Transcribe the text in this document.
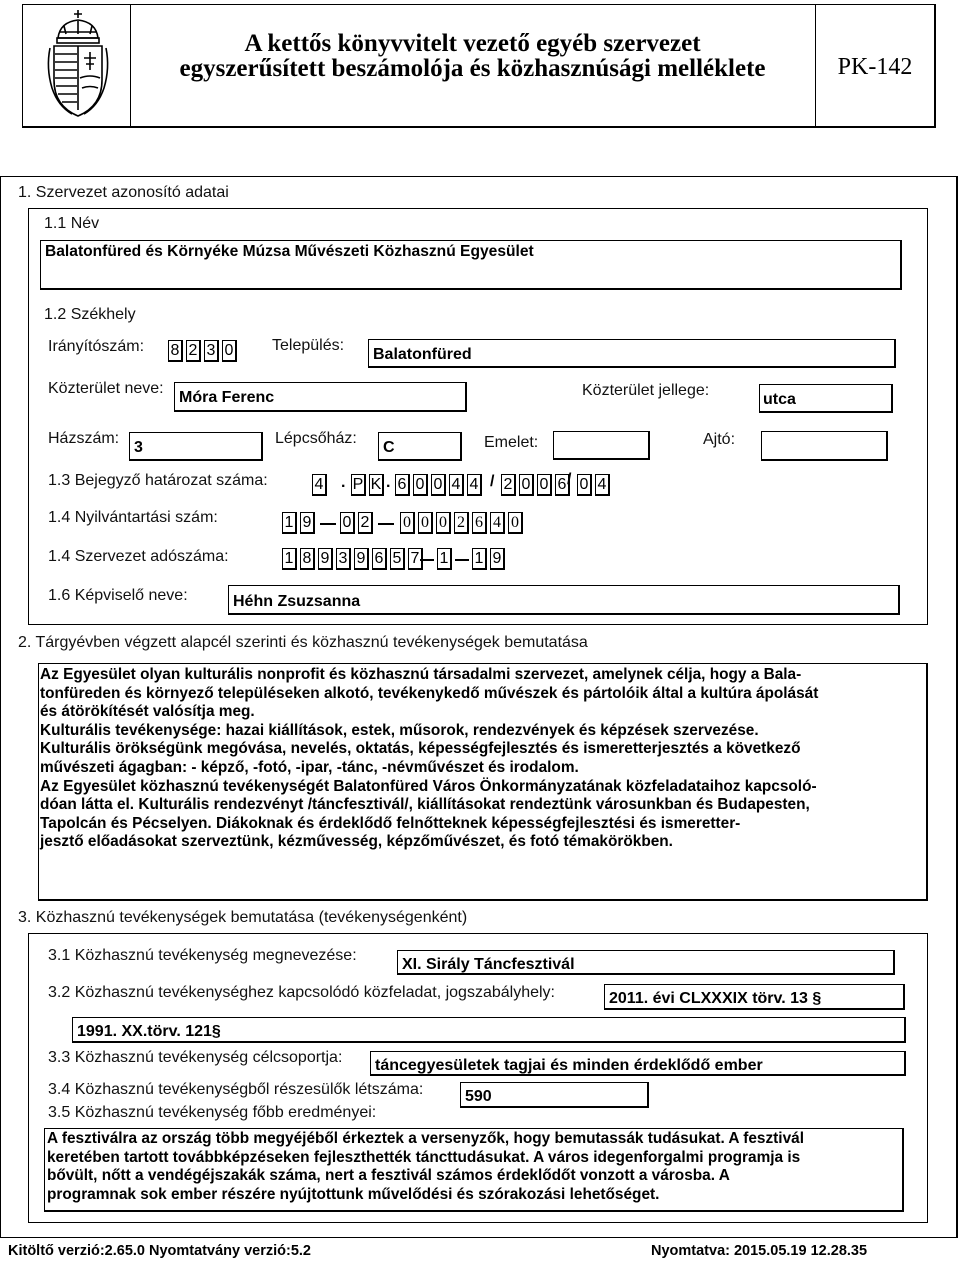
A kettős könyvvitelt vezető egyéb szervezet
egyszerűsített beszámolója és közhasznúsági melléklete	PK-142
1. Szervezet azonosító adatai
1.1 Név
Balatonfüred és Környéke Múzsa Művészeti Közhasznú Egyesület
1.2 Székhely
Irányítószám: 8 2 3 0 Település:
Balatonfüred
Közterület neve:
Móra Ferenc	Közterület jellege:
utca
Házszám:
3
Lépcsőház:
C	Emelet:	Ajtó:
1.3 Bejegyző határozat száma:	4 . P K . 6 0 0 4 4 / 2 0 0 6 / 0 4
1.4 Nyilvántartási szám:	1 9 0 2 0 0 0 2 6 4 0
1.4 Szervezet adószáma:	1 8 9 3 9 6 5 7 1 1 9
1.6 Képviselő neve:	Héhn Zsuzsanna
2. Tárgyévben végzett alapcél szerinti és közhasznú tevékenységek bemutatása
Az Egyesület olyan kulturális nonprofit és közhasznú társadalmi szervezet, amelynek célja, hogy a Bala-
tonfüreden és környező településeken alkotó, tevékenykedő művészek és pártolóik által a kultúra ápolását
és átörökítését valósítja meg.
Kulturális tevékenysége: hazai kiállítások, estek, műsorok, rendezvények és képzések szervezése.
Kulturális örökségünk megóvása, nevelés, oktatás, képességfejlesztés és ismeretterjesztés a következő
művészeti ágagban: - képző, -fotó, -ipar, -tánc, -névművészet és irodalom.
Az Egyesület közhasznú tevékenységét Balatonfüred Város Önkormányzatának közfeladataihoz kapcsoló-
dóan látta el. Kulturális rendezvényt /táncfesztivál/, kiállításokat rendeztünk városunkban és Budapesten,
Tapolcán és Pécselyen. Diákoknak és érdeklődő felnőtteknek képességfejlesztési és ismeretter-
jesztő előadásokat szerveztünk, kézművesség, képzőművészet, és fotó témakörökben.
3. Közhasznú tevékenységek bemutatása (tevékenységenként)
3.1 Közhasznú tevékenység megnevezése:
XI. Sirály Táncfesztivál
3.2 Közhasznú tevékenységhez kapcsolódó közfeladat, jogszabályhely:	2011. évi CLXXXIX törv. 13 §
1991. XX.törv. 121§
3.3 Közhasznú tevékenység célcsoportja: táncegyesületek tagjai és minden érdeklődő ember
3.4 Közhasznú tevékenységből részesülők létszáma:	590
3.5 Közhasznú tevékenység főbb eredményei:
A fesztiválra az ország több megyéjéből érkeztek a versenyzők, hogy bemutassák tudásukat. A fesztivál
keretében tartott továbbképzéseken fejleszthették táncttudásukat. A város idegenforgalmi programja is
bővült, nőtt a vendégéjszakák száma, nert a fesztivál számos érdeklődőt vonzott a városba. A
programnak sok ember részére nyújtottunk művelődési és szórakozási lehetőséget.
Kitöltő verzió:2.65.0 Nyomtatvány verzió:5.2	Nyomtatva: 2015.05.19 12.28.35
